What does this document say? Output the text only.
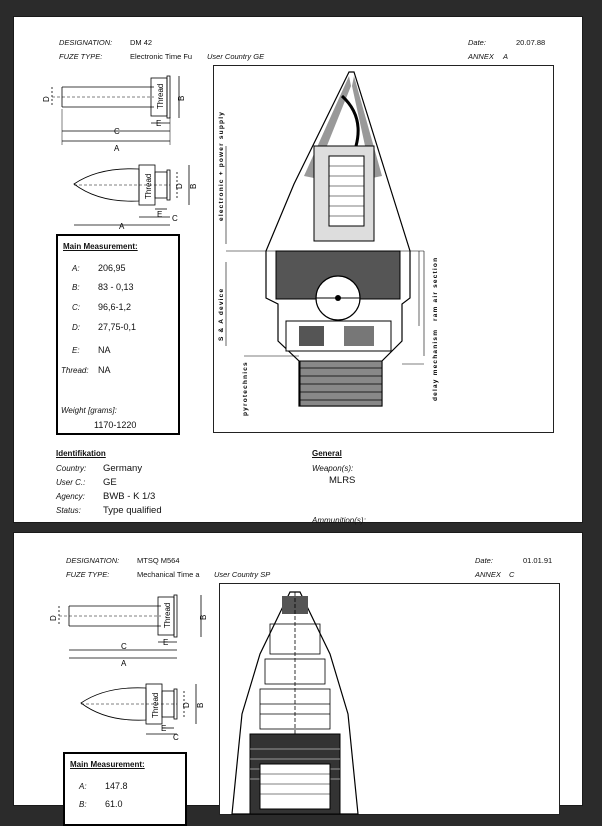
DESIGNATION: DM 42
FUZE TYPE:	Electronic Time Fu User Country GE
Date:	20.07.88
ANNEX A
Thread
D	B
E
C
A
Thread	D B
E C
A
electronic + power supply
S & A device
pyrotechnics
ram air section
delay mechanism
Main Measurement:
A: 206,95
B: 83 - 0,13
C: 96,6-1,2
D: 27,75-0,1
E: NA
Thread: NA
Weight [grams]:
1170-1220
Identifikation
Country: Germany
User C.: GE
Agency: BWB - K 1/3
Status: Type qualified
General
Weapon(s):
MLRS
Ammunition(s):
DESIGNATION: MTSQ M564
FUZE TYPE:	Mechanical Time a User Country SP
Date:	01.01.91
ANNEX C
Thread
D	B
E
C
A
Thread	D B
E
C
Main Measurement:
A: 147.8
B: 61.0
